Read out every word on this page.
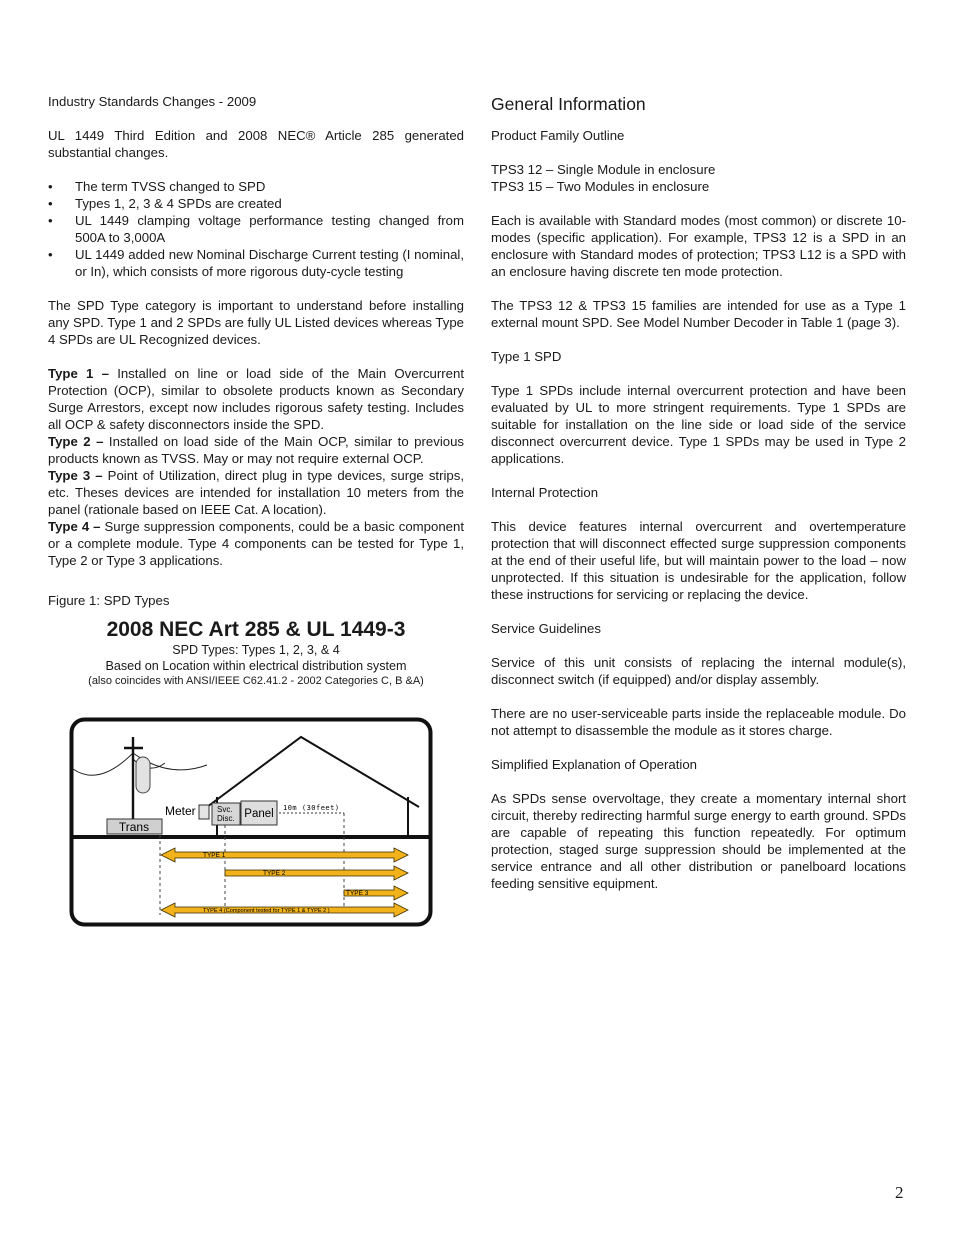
Industry Standards Changes - 2009

UL 1449 Third Edition and 2008 NEC® Article 285 generated substantial changes.

• The term TVSS changed to SPD
• Types 1, 2, 3 & 4 SPDs are created
• UL 1449 clamping voltage performance testing changed from 500A to 3,000A
• UL 1449 added new Nominal Discharge Current testing (I nominal, or In), which consists of more rigorous duty-cycle testing

The SPD Type category is important to understand before installing any SPD. Type 1 and 2 SPDs are fully UL Listed devices whereas Type 4 SPDs are UL Recognized devices.

Type 1 – Installed on line or load side of the Main Overcurrent Protection (OCP), similar to obsolete products known as Secondary Surge Arrestors, except now includes rigorous safety testing. Includes all OCP & safety disconnectors inside the SPD.

Type 2 – Installed on load side of the Main OCP, similar to previous products known as TVSS. May or may not require external OCP.

Type 3 – Point of Utilization, direct plug in type devices, surge strips, etc. Theses devices are intended for installation 10 meters from the panel (rationale based on IEEE Cat. A location).

Type 4 – Surge suppression components, could be a basic component or a complete module. Type 4 components can be tested for Type 1, Type 2 or Type 3 applications.

Figure 1: SPD Types
2008 NEC Art 285 & UL 1449-3
SPD Types: Types 1, 2, 3, & 4
Based on Location within electrical distribution system
(also coincides with ANSI/IEEE C62.41.2 - 2002 Categories C, B &A)
Trans
Meter	Svc.
Disc. Panel 10m (30feet)
TYPE 1
TYPE 2
TYPE 3
TYPE 4 (Component tested for TYPE 1 & TYPE 2 )
General Information

Product Family Outline

TPS3 12 – Single Module in enclosure

TPS3 15 – Two Modules in enclosure

Each is available with Standard modes (most common) or discrete 10-modes (specific application). For example, TPS3 12 is a SPD in an enclosure with Standard modes of protection; TPS3 L12 is a SPD with an enclosure having discrete ten mode protection.

The TPS3 12 & TPS3 15 families are intended for use as a Type 1 external mount SPD. See Model Number Decoder in Table 1 (page 3).

Type 1 SPD

Type 1 SPDs include internal overcurrent protection and have been evaluated by UL to more stringent requirements. Type 1 SPDs are suitable for installation on the line side or load side of the service disconnect overcurrent device. Type 1 SPDs may be used in Type 2 applications.

Internal Protection

This device features internal overcurrent and overtemperature protection that will disconnect effected surge suppression components at the end of their useful life, but will maintain power to the load – now unprotected. If this situation is undesirable for the application, follow these instructions for servicing or replacing the device.

Service Guidelines

Service of this unit consists of replacing the internal module(s), disconnect switch (if equipped) and/or display assembly.

There are no user-serviceable parts inside the replaceable module. Do not attempt to disassemble the module as it stores charge.

Simplified Explanation of Operation

As SPDs sense overvoltage, they create a momentary internal short circuit, thereby redirecting harmful surge energy to earth ground. SPDs are capable of repeating this function repeatedly. For optimum protection, staged surge suppression should be implemented at the service entrance and all other distribution or panelboard locations feeding sensitive equipment.

2
